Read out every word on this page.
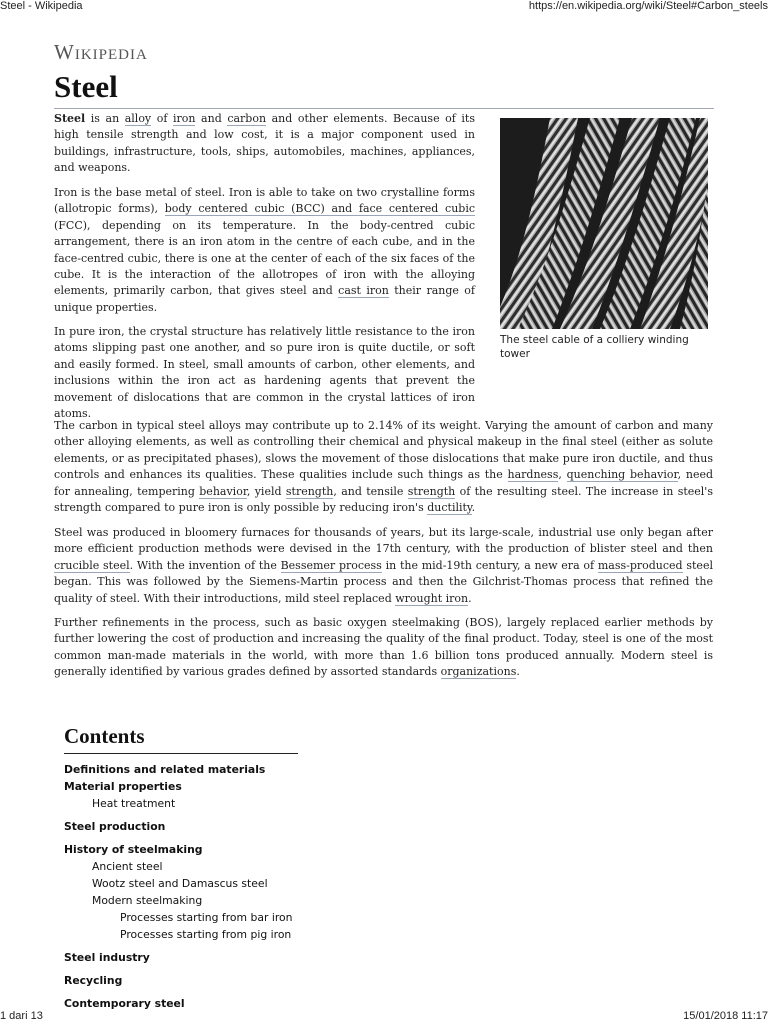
Steel - Wikipedia	https://en.wikipedia.org/wiki/Steel#Carbon_steels
Wikipedia
Steel

Steel is an alloy of iron and carbon and other elements. Because of its high tensile strength and low cost, it is a major component used in buildings, infrastructure, tools, ships, automobiles, machines, appliances, and weapons.

Iron is the base metal of steel. Iron is able to take on two crystalline forms (allotropic forms), body centered cubic (BCC) and face centered cubic (FCC), depending on its temperature. In the body-centred cubic arrangement, there is an iron atom in the centre of each cube, and in the face-centred cubic, there is one at the center of each of the six faces of the cube. It is the interaction of the allotropes of iron with the alloying elements, primarily carbon, that gives steel and cast iron their range of unique properties.

In pure iron, the crystal structure has relatively little resistance to the iron atoms slipping past one another, and so pure iron is quite ductile, or soft and easily formed. In steel, small amounts of carbon, other elements, and inclusions within the iron act as hardening agents that prevent the movement of dislocations that are common in the crystal lattices of iron atoms.

The steel cable of a colliery winding tower

The carbon in typical steel alloys may contribute up to 2.14% of its weight. Varying the amount of carbon and many other alloying elements, as well as controlling their chemical and physical makeup in the final steel (either as solute elements, or as precipitated phases), slows the movement of those dislocations that make pure iron ductile, and thus controls and enhances its qualities. These qualities include such things as the hardness, quenching behavior, need for annealing, tempering behavior, yield strength, and tensile strength of the resulting steel. The increase in steel's strength compared to pure iron is only possible by reducing iron's ductility.

Steel was produced in bloomery furnaces for thousands of years, but its large-scale, industrial use only began after more efficient production methods were devised in the 17th century, with the production of blister steel and then crucible steel. With the invention of the Bessemer process in the mid-19th century, a new era of mass-produced steel began. This was followed by the Siemens-Martin process and then the Gilchrist-Thomas process that refined the quality of steel. With their introductions, mild steel replaced wrought iron.

Further refinements in the process, such as basic oxygen steelmaking (BOS), largely replaced earlier methods by further lowering the cost of production and increasing the quality of the final product. Today, steel is one of the most common man-made materials in the world, with more than 1.6 billion tons produced annually. Modern steel is generally identified by various grades defined by assorted standards organizations.

Contents
Definitions and related materials
Material properties
Heat treatment
Steel production
History of steelmaking
Ancient steel
Wootz steel and Damascus steel
Modern steelmaking
Processes starting from bar iron
Processes starting from pig iron
Steel industry
Recycling
Contemporary steel
1 dari 13	15/01/2018 11:17
